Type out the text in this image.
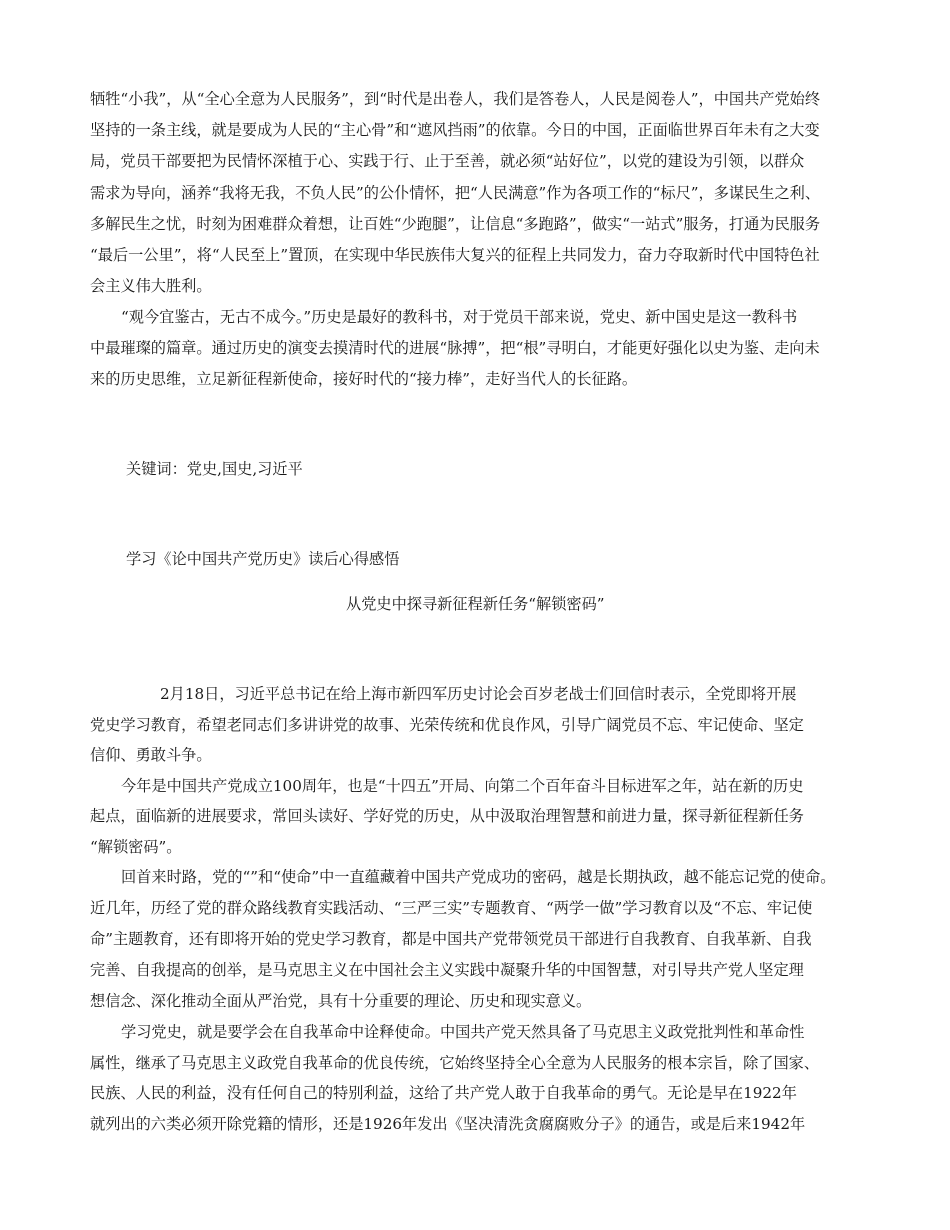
牺牲“小我”，从“全心全意为人民服务”，到“时代是出卷人，我们是答卷人，人民是阅卷人”，中国共产党始终
坚持的一条主线，就是要成为人民的“主心骨”和“遮风挡雨”的依靠。今日的中国，正面临世界百年未有之大变
局，党员干部要把为民情怀深植于心、实践于行、止于至善，就必须“站好位”，以党的建设为引领，以群众
需求为导向，涵养“我将无我，不负人民”的公仆情怀，把“人民满意”作为各项工作的“标尺”，多谋民生之利、
多解民生之忧，时刻为困难群众着想，让百姓“少跑腿”，让信息“多跑路”，做实“一站式”服务，打通为民服务
“最后一公里”，将“人民至上”置顶，在实现中华民族伟大复兴的征程上共同发力，奋力夺取新时代中国特色社
会主义伟大胜利。
“观今宜鉴古，无古不成今。”历史是最好的教科书，对于党员干部来说，党史、新中国史是这一教科书
中最璀璨的篇章。通过历史的演变去摸清时代的进展“脉搏”，把“根”寻明白，才能更好强化以史为鉴、走向未
来的历史思维，立足新征程新使命，接好时代的“接力棒”，走好当代人的长征路。
关键词：党史,国史,习近平
学习《论中国共产党历史》读后心得感悟
从党史中探寻新征程新任务“解锁密码”
2月18日，习近平总书记在给上海市新四军历史讨论会百岁老战士们回信时表示，全党即将开展
党史学习教育，希望老同志们多讲讲党的故事、光荣传统和优良作风，引导广阔党员不忘、牢记使命、坚定
信仰、勇敢斗争。
今年是中国共产党成立100周年，也是“十四五”开局、向第二个百年奋斗目标进军之年，站在新的历史
起点，面临新的进展要求，常回头读好、学好党的历史，从中汲取治理智慧和前进力量，探寻新征程新任务
“解锁密码”。
回首来时路，党的“”和“使命”中一直蕴藏着中国共产党成功的密码，越是长期执政，越不能忘记党的使命。
近几年，历经了党的群众路线教育实践活动、“三严三实”专题教育、“两学一做”学习教育以及“不忘、牢记使
命”主题教育，还有即将开始的党史学习教育，都是中国共产党带领党员干部进行自我教育、自我革新、自我
完善、自我提高的创举，是马克思主义在中国社会主义实践中凝聚升华的中国智慧，对引导共产党人坚定理
想信念、深化推动全面从严治党，具有十分重要的理论、历史和现实意义。
学习党史，就是要学会在自我革命中诠释使命。中国共产党天然具备了马克思主义政党批判性和革命性
属性，继承了马克思主义政党自我革命的优良传统，它始终坚持全心全意为人民服务的根本宗旨，除了国家、
民族、人民的利益，没有任何自己的特别利益，这给了共产党人敢于自我革命的勇气。无论是早在1922年
就列出的六类必须开除党籍的情形，还是1926年发出《坚决清洗贪腐腐败分子》的通告，或是后来1942年
